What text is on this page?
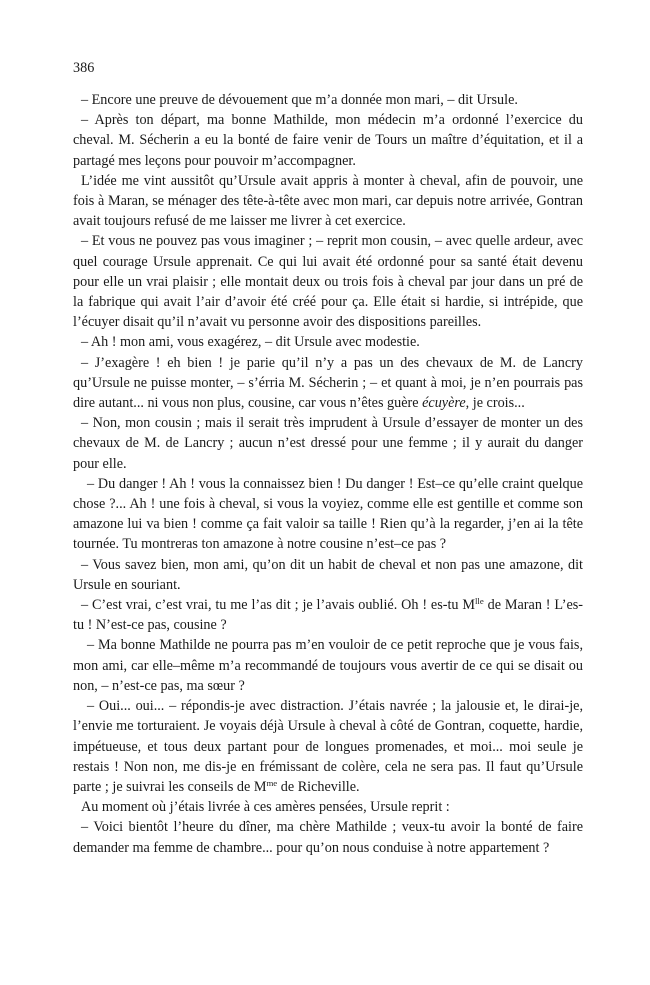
386

– Encore une preuve de dévouement que m’a donnée mon mari, – dit Ursule.

– Après ton départ, ma bonne Mathilde, mon médecin m’a ordonné l’exercice du cheval. M. Sécherin a eu la bonté de faire venir de Tours un maître d’équitation, et il a partagé mes leçons pour pouvoir m’accompagner.

L’idée me vint aussitôt qu’Ursule avait appris à monter à cheval, afin de pouvoir, une fois à Maran, se ménager des tête-à-tête avec mon mari, car depuis notre arrivée, Gontran avait toujours refusé de me laisser me livrer à cet exercice.

– Et vous ne pouvez pas vous imaginer ; – reprit mon cousin, – avec quelle ardeur, avec quel courage Ursule apprenait. Ce qui lui avait été ordonné pour sa santé était devenu pour elle un vrai plaisir ; elle montait deux ou trois fois à cheval par jour dans un pré de la fabrique qui avait l’air d’avoir été créé pour ça. Elle était si hardie, si intrépide, que l’écuyer disait qu’il n’avait vu personne avoir des dispositions pareilles.

– Ah ! mon ami, vous exagérez, – dit Ursule avec modestie.

– J’exagère ! eh bien ! je parie qu’il n’y a pas un des chevaux de M. de Lancry qu’Ursule ne puisse monter, – s’érria M. Sécherin ; – et quant à moi, je n’en pourrais pas dire autant... ni vous non plus, cousine, car vous n’êtes guère écuyère, je crois...

– Non, mon cousin ; mais il serait très imprudent à Ursule d’essayer de monter un des chevaux de M. de Lancry ; aucun n’est dressé pour une femme ; il y aurait du danger pour elle.

– Du danger ! Ah ! vous la connaissez bien ! Du danger ! Est–ce qu’elle craint quelque chose ?... Ah ! une fois à cheval, si vous la voyiez, comme elle est gentille et comme son amazone lui va bien ! comme ça fait valoir sa taille ! Rien qu’à la regarder, j’en ai la tête tournée. Tu montreras ton amazone à notre cousine n’est–ce pas ?

– Vous savez bien, mon ami, qu’on dit un habit de cheval et non pas une amazone, dit Ursule en souriant.

– C’est vrai, c’est vrai, tu me l’as dit ; je l’avais oublié. Oh ! es-tu $M^{lle}$ de Maran ! L’es-tu ! N’est-ce pas, cousine ?

– Ma bonne Mathilde ne pourra pas m’en vouloir de ce petit reproche que je vous fais, mon ami, car elle–même m’a recommandé de toujours vous avertir de ce qui se disait ou non, – n’est-ce pas, ma sœur ?

– Oui... oui... – répondis-je avec distraction. J’étais navrée ; la jalousie et, le dirai-je, l’envie me torturaient. Je voyais déjà Ursule à cheval à côté de Gontran, coquette, hardie, impétueuse, et tous deux partant pour de longues promenades, et moi... moi seule je restais ! Non non, me dis-je en frémissant de colère, cela ne sera pas. Il faut qu’Ursule parte ; je suivrai les conseils de $M^{me}$ de Richeville.

Au moment où j’étais livrée à ces amères pensées, Ursule reprit :

– Voici bientôt l’heure du dîner, ma chère Mathilde ; veux-tu avoir la bonté de faire demander ma femme de chambre... pour qu’on nous conduise à notre appartement ?
